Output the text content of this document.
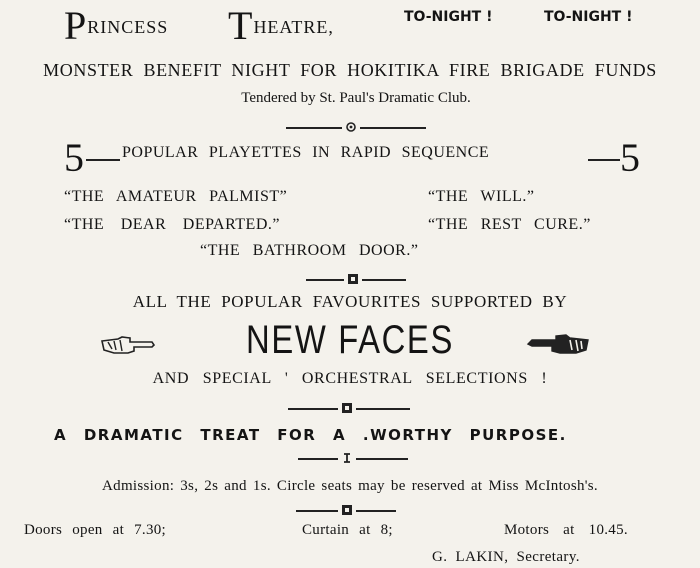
PRINCESS THEATRE,	TO-NIGHT !	TO-NIGHT !
MONSTER BENEFIT NIGHT FOR HOKITIKA FIRE BRIGADE FUNDS
Tendered by St. Paul's Dramatic Club.
5 POPULAR PLAYETTES IN RAPID SEQUENCE	5
“THE AMATEUR PALMIST”	“THE WILL.”
“THE DEAR DEPARTED.”	“THE REST CURE.”
“THE BATHROOM DOOR.”
ALL THE POPULAR FAVOURITES SUPPORTED BY
NEW FACES
AND SPECIAL ' ORCHESTRAL SELECTIONS !
A DRAMATIC TREAT FOR A .WORTHY PURPOSE.
Admission: 3s, 2s and 1s. Circle seats may be reserved at Miss McIntosh's.
Doors open at 7.30;	Curtain at 8;	Motors at 10.45.
G. LAKIN, Secretary.
